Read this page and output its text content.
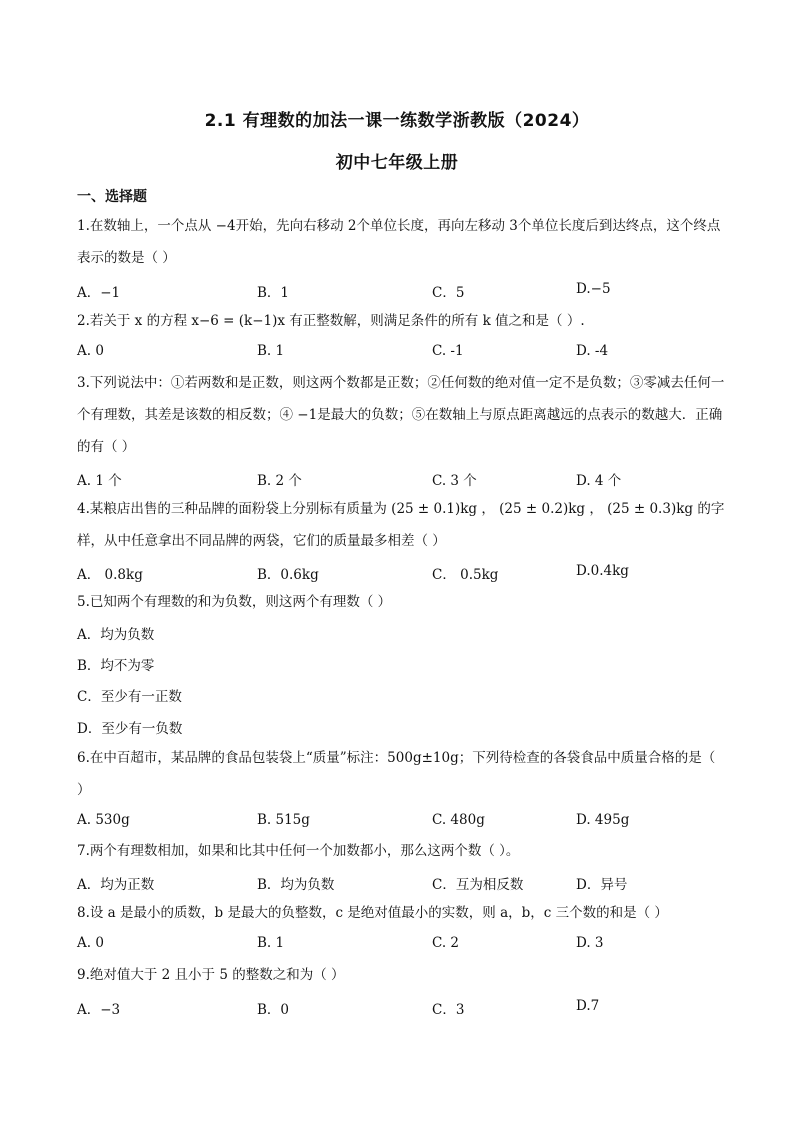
2.1 有理数的加法一课一练数学浙教版（2024）
初中七年级上册
一、选择题
1.在数轴上，一个点从 −4开始，先向右移动 2个单位长度，再向左移动 3个单位长度后到达终点，这个终点表示的数是（ ）
A．−1	B．1	C．5	D.−5
2.若关于 x 的方程 x−6 = (k−1)x 有正整数解，则满足条件的所有 k 值之和是（ ）.
A. 0	B. 1	C. -1	D. -4
3.下列说法中：①若两数和是正数，则这两个数都是正数；②任何数的绝对值一定不是负数；③零减去任何一个有理数，其差是该数的相反数；④ −1是最大的负数；⑤在数轴上与原点距离越远的点表示的数越大．正确的有（ ）
A. 1 个	B. 2 个	C. 3 个	D. 4 个
4.某粮店出售的三种品牌的面粉袋上分别标有质量为 (25 ± 0.1)kg ， (25 ± 0.2)kg ， (25 ± 0.3)kg 的字样，从中任意拿出不同品牌的两袋，它们的质量最多相差（ ）
A． 0.8kg	B．0.6kg	C． 0.5kg	D.0.4kg
5.已知两个有理数的和为负数，则这两个有理数（ ）
A．均为负数
B．均不为零
C．至少有一正数
D．至少有一负数
6.在中百超市，某品牌的食品包装袋上“质量”标注：500g±10g；下列待检查的各袋食品中质量合格的是（ ）
A. 530g	B. 515g	C. 480g	D. 495g
7.两个有理数相加，如果和比其中任何一个加数都小，那么这两个数（ ）。
A．均为正数	B．均为负数	C．互为相反数	D．异号
8.设 a 是最小的质数，b 是最大的负整数，c 是绝对值最小的实数，则 a，b，c 三个数的和是（ ）
A. 0	B. 1	C. 2	D. 3
9.绝对值大于 2 且小于 5 的整数之和为（ ）
A．−3	B．0	C．3	D.7
